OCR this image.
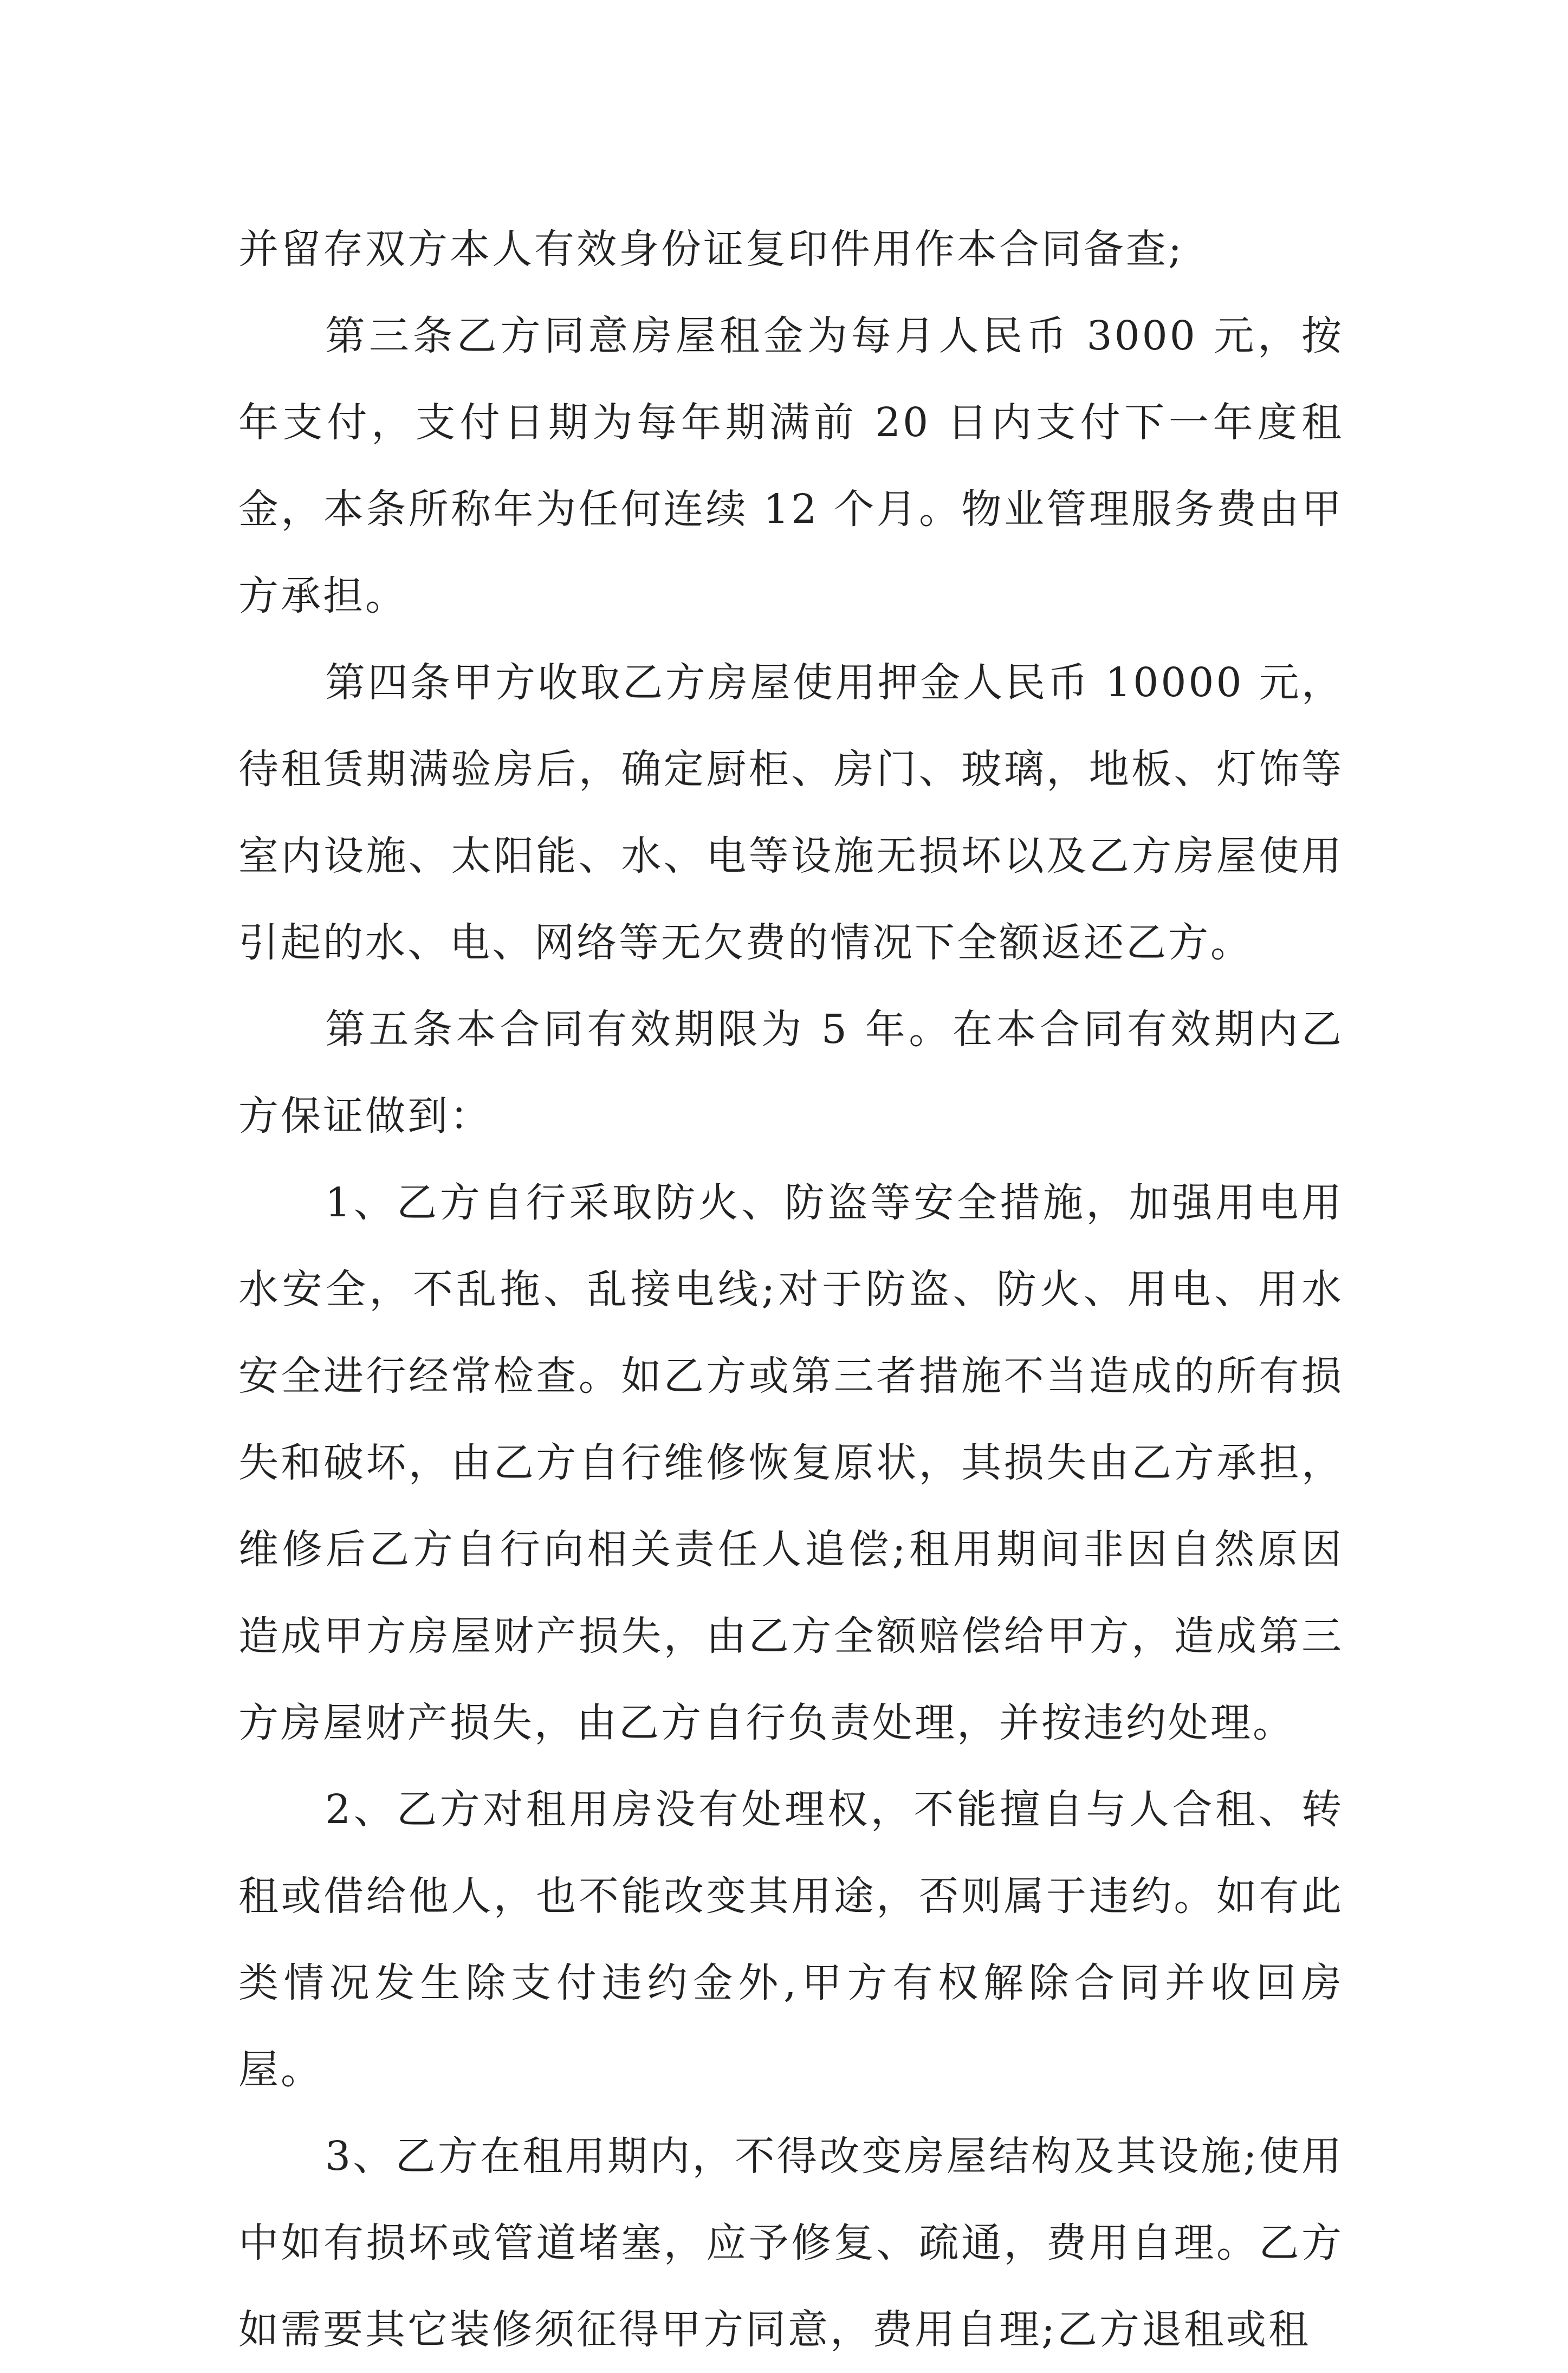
并留存双方本人有效身份证复印件用作本合同备查;

第三条乙方同意房屋租金为每月人民币 3000 元，按年支付，支付日期为每年期满前 20 日内支付下一年度租金，本条所称年为任何连续 12 个月。物业管理服务费由甲方承担。

第四条甲方收取乙方房屋使用押金人民币 10000 元，待租赁期满验房后，确定厨柜、房门、玻璃，地板、灯饰等室内设施、太阳能、水、电等设施无损坏以及乙方房屋使用引起的水、电、网络等无欠费的情况下全额返还乙方。

第五条本合同有效期限为 5 年。在本合同有效期内乙方保证做到：

1、乙方自行采取防火、防盗等安全措施，加强用电用水安全，不乱拖、乱接电线;对于防盗、防火、用电、用水安全进行经常检查。如乙方或第三者措施不当造成的所有损失和破坏，由乙方自行维修恢复原状，其损失由乙方承担，维修后乙方自行向相关责任人追偿;租用期间非因自然原因造成甲方房屋财产损失，由乙方全额赔偿给甲方，造成第三方房屋财产损失，由乙方自行负责处理，并按违约处理。

2、乙方对租用房没有处理权，不能擅自与人合租、转租或借给他人，也不能改变其用途，否则属于违约。如有此类情况发生除支付违约金外,甲方有权解除合同并收回房屋。

3、乙方在租用期内，不得改变房屋结构及其设施;使用中如有损坏或管道堵塞，应予修复、疏通，费用自理。乙方如需要其它装修须征得甲方同意，费用自理;乙方退租或租
